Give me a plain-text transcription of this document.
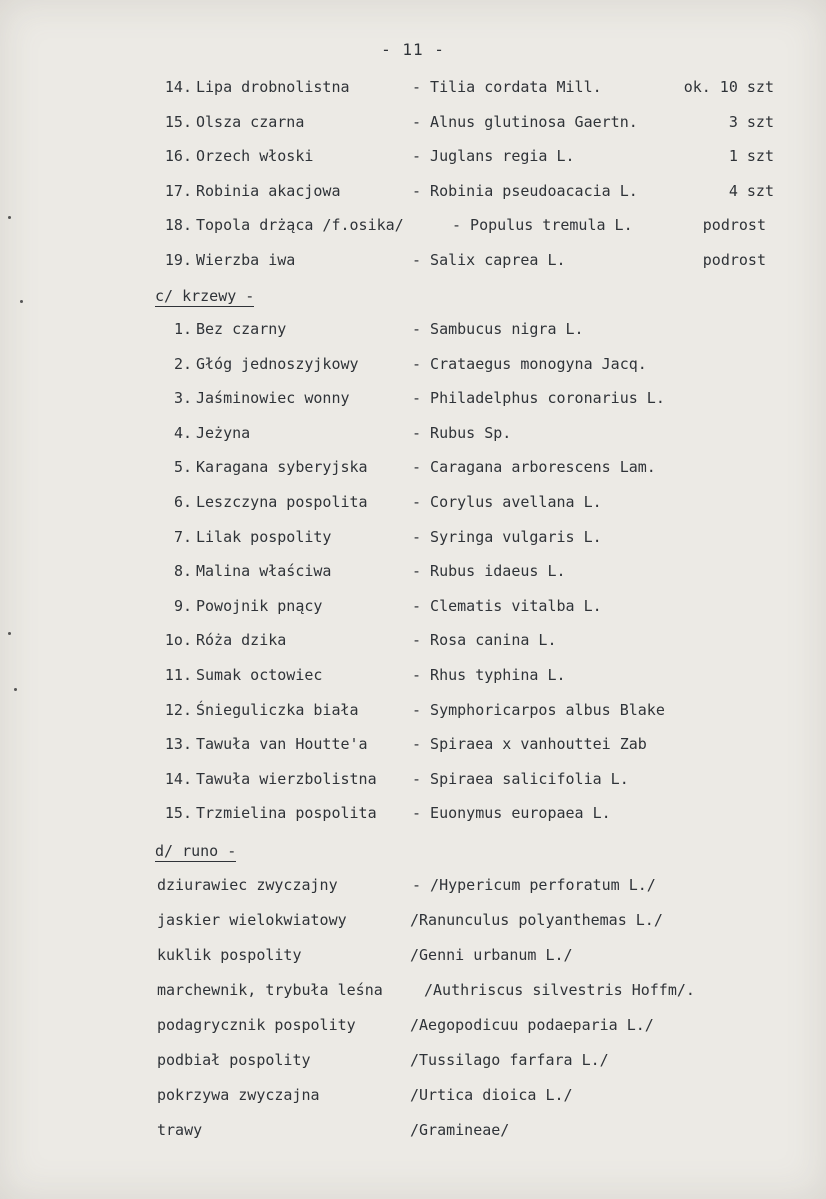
- 11 -
14. Lipa drobnolistna	- Tilia cordata Mill.	ok. 10 szt
15. Olsza czarna	- Alnus glutinosa Gaertn.	3 szt
16. Orzech włoski	- Juglans regia L.	1 szt
17. Robinia akacjowa	- Robinia pseudoacacia L.	4 szt
18. Topola drżąca /f.osika/	- Populus tremula L.	podrost
19. Wierzba iwa	- Salix caprea L.	podrost
c/ krzewy -
1. Bez czarny	- Sambucus nigra L.
2. Głóg jednoszyjkowy	- Crataegus monogyna Jacq.
3. Jaśminowiec wonny	- Philadelphus coronarius L.
4. Jeżyna	- Rubus Sp.
5. Karagana syberyjska	- Caragana arborescens Lam.
6. Leszczyna pospolita	- Corylus avellana L.
7. Lilak pospolity	- Syringa vulgaris L.
8. Malina właściwa	- Rubus idaeus L.
9. Powojnik pnący	- Clematis vitalba L.
1o. Róża dzika	- Rosa canina L.
11. Sumak octowiec	- Rhus typhina L.
12. Śnieguliczka biała	- Symphoricarpos albus Blake
13. Tawuła van Houtte'a	- Spiraea x vanhouttei Zab
14. Tawuła wierzbolistna - Spiraea salicifolia L.
15. Trzmielina pospolita - Euonymus europaea L.
d/ runo -
dziurawiec zwyczajny	- /Hypericum perforatum L./
jaskier wielokwiatowy	/Ranunculus polyanthemas L./
kuklik pospolity	/Genni urbanum L./
marchewnik, trybuła leśna	/Authriscus silvestris Hoffm/.
podagrycznik pospolity	/Aegopodicuu podaeparia L./
podbiał pospolity	/Tussilago farfara L./
pokrzywa zwyczajna	/Urtica dioica L./
trawy	/Gramineae/
